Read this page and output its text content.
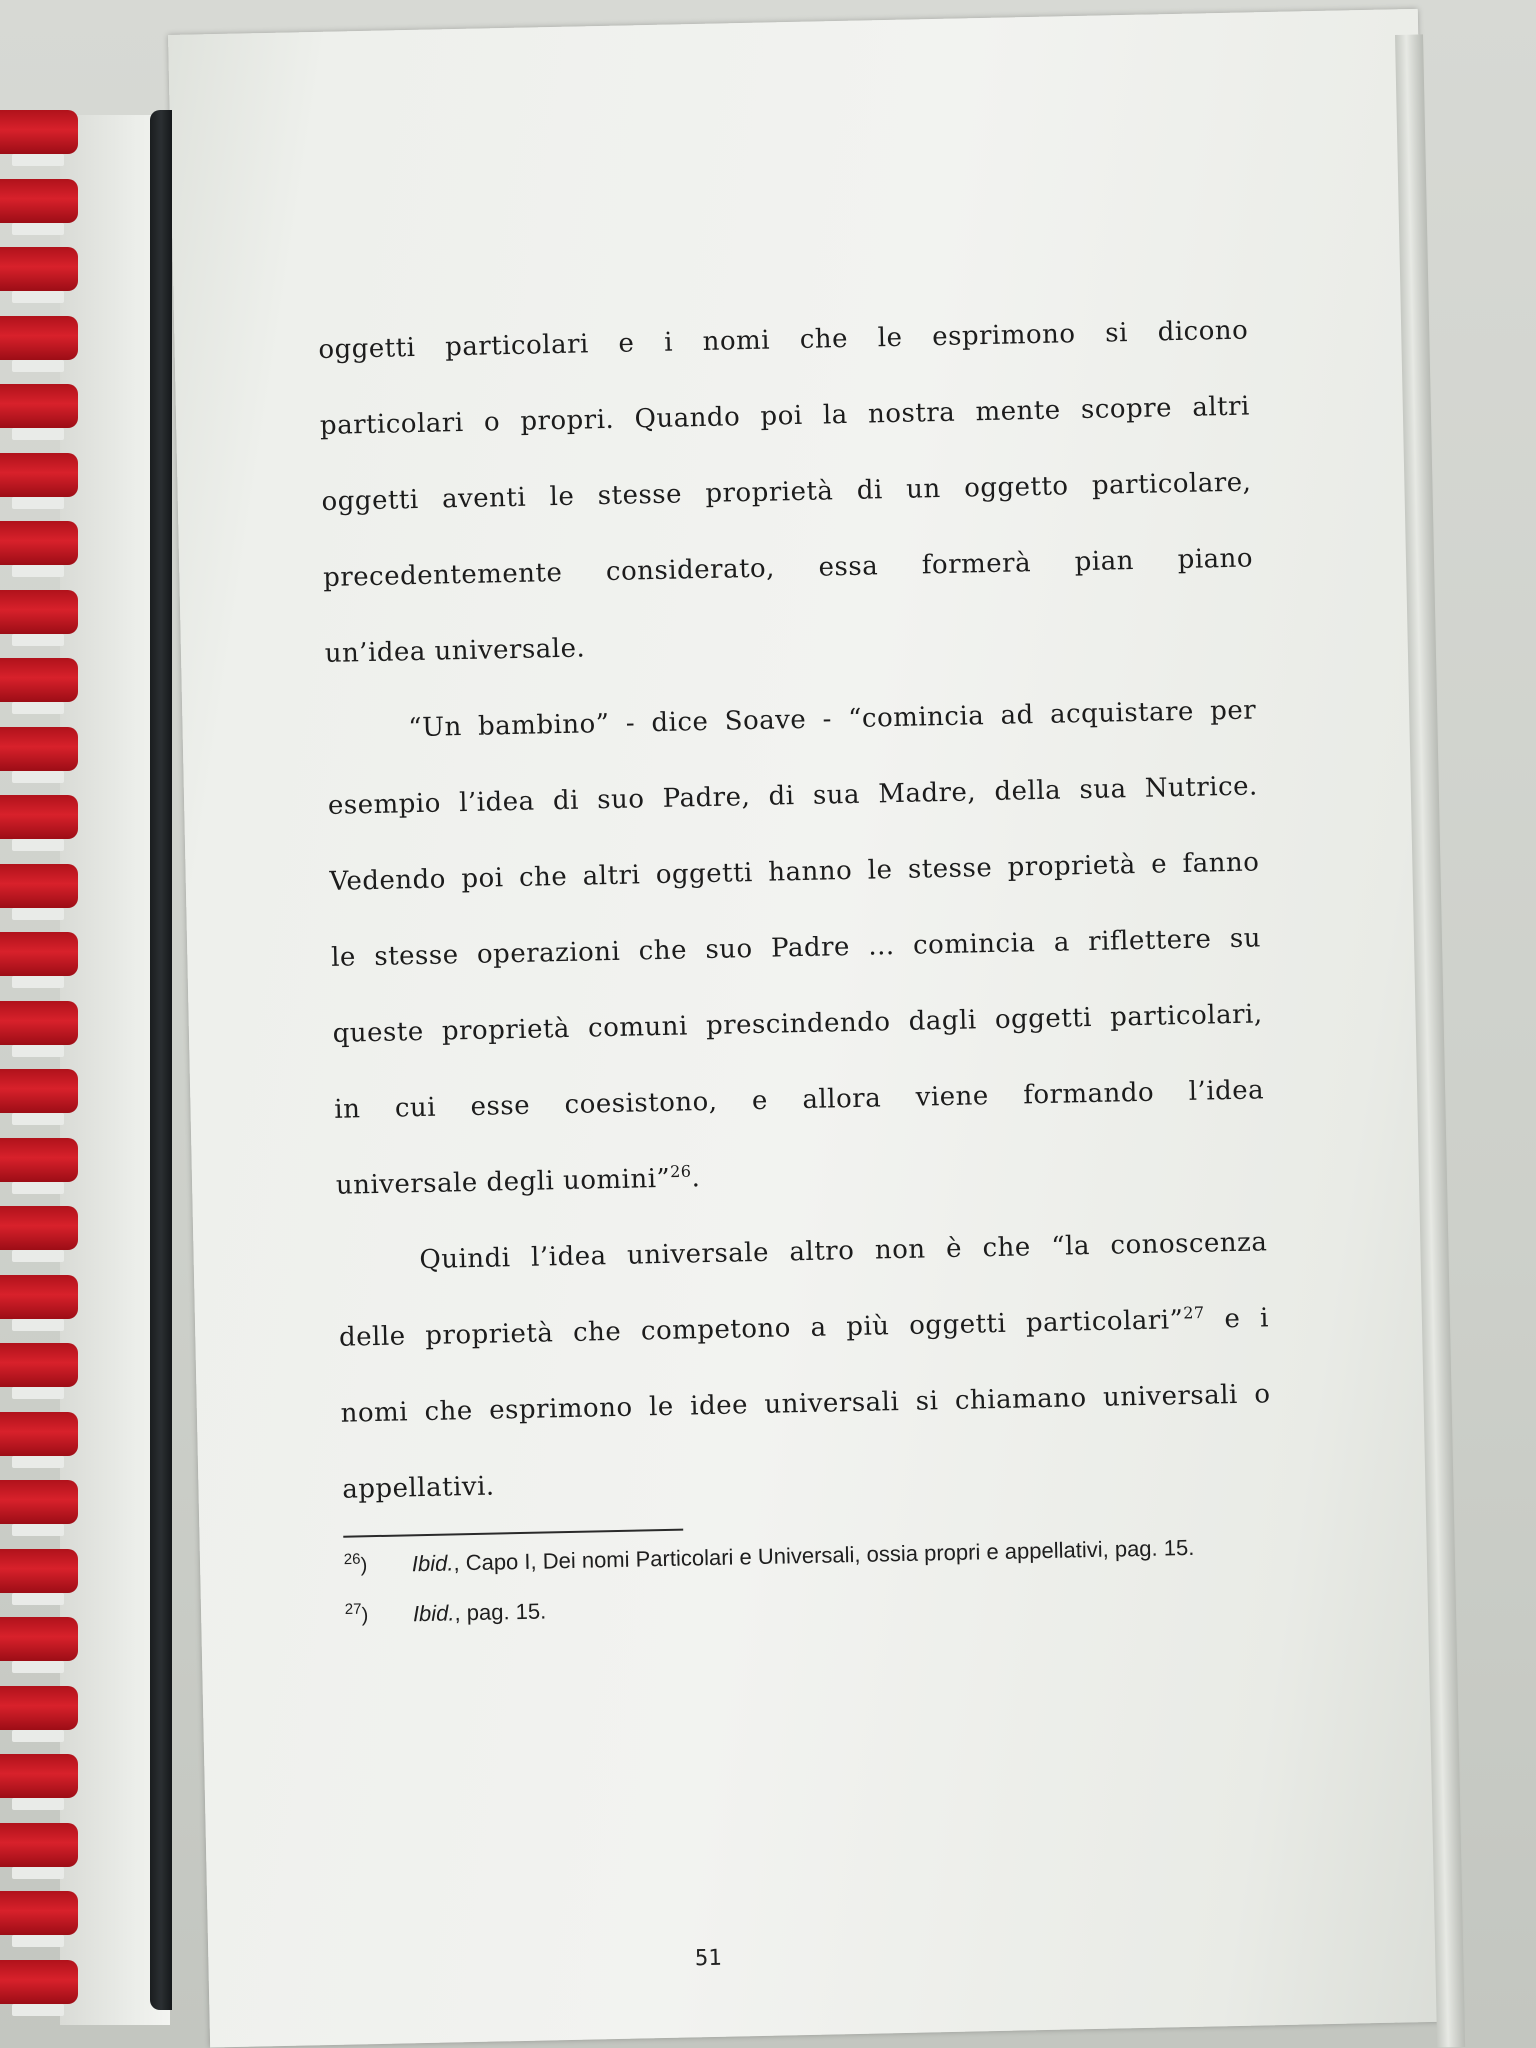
oggetti particolari e i nomi che le esprimono si dicono
particolari o propri. Quando poi la nostra mente scopre altri
oggetti aventi le stesse proprietà di un oggetto particolare,
precedentemente considerato, essa formerà pian piano
un’idea universale.
“Un bambino” - dice Soave - “comincia ad acquistare per
esempio l’idea di suo Padre, di sua Madre, della sua Nutrice.
Vedendo poi che altri oggetti hanno le stesse proprietà e fanno
le stesse operazioni che suo Padre ... comincia a riflettere su
queste proprietà comuni prescindendo dagli oggetti particolari,
in cui esse coesistono, e allora viene formando l’idea
universale degli uomini”$^{26}$.
Quindi l’idea universale altro non è che “la conoscenza
delle proprietà che competono a più oggetti particolari”$^{27}$ e i
nomi che esprimono le idee universali si chiamano universali o
appellativi.
$^{26}$) Ibid., Capo I, Dei nomi Particolari e Universali, ossia propri e appellativi, pag. 15.
$^{27}$) Ibid., pag. 15.
51
